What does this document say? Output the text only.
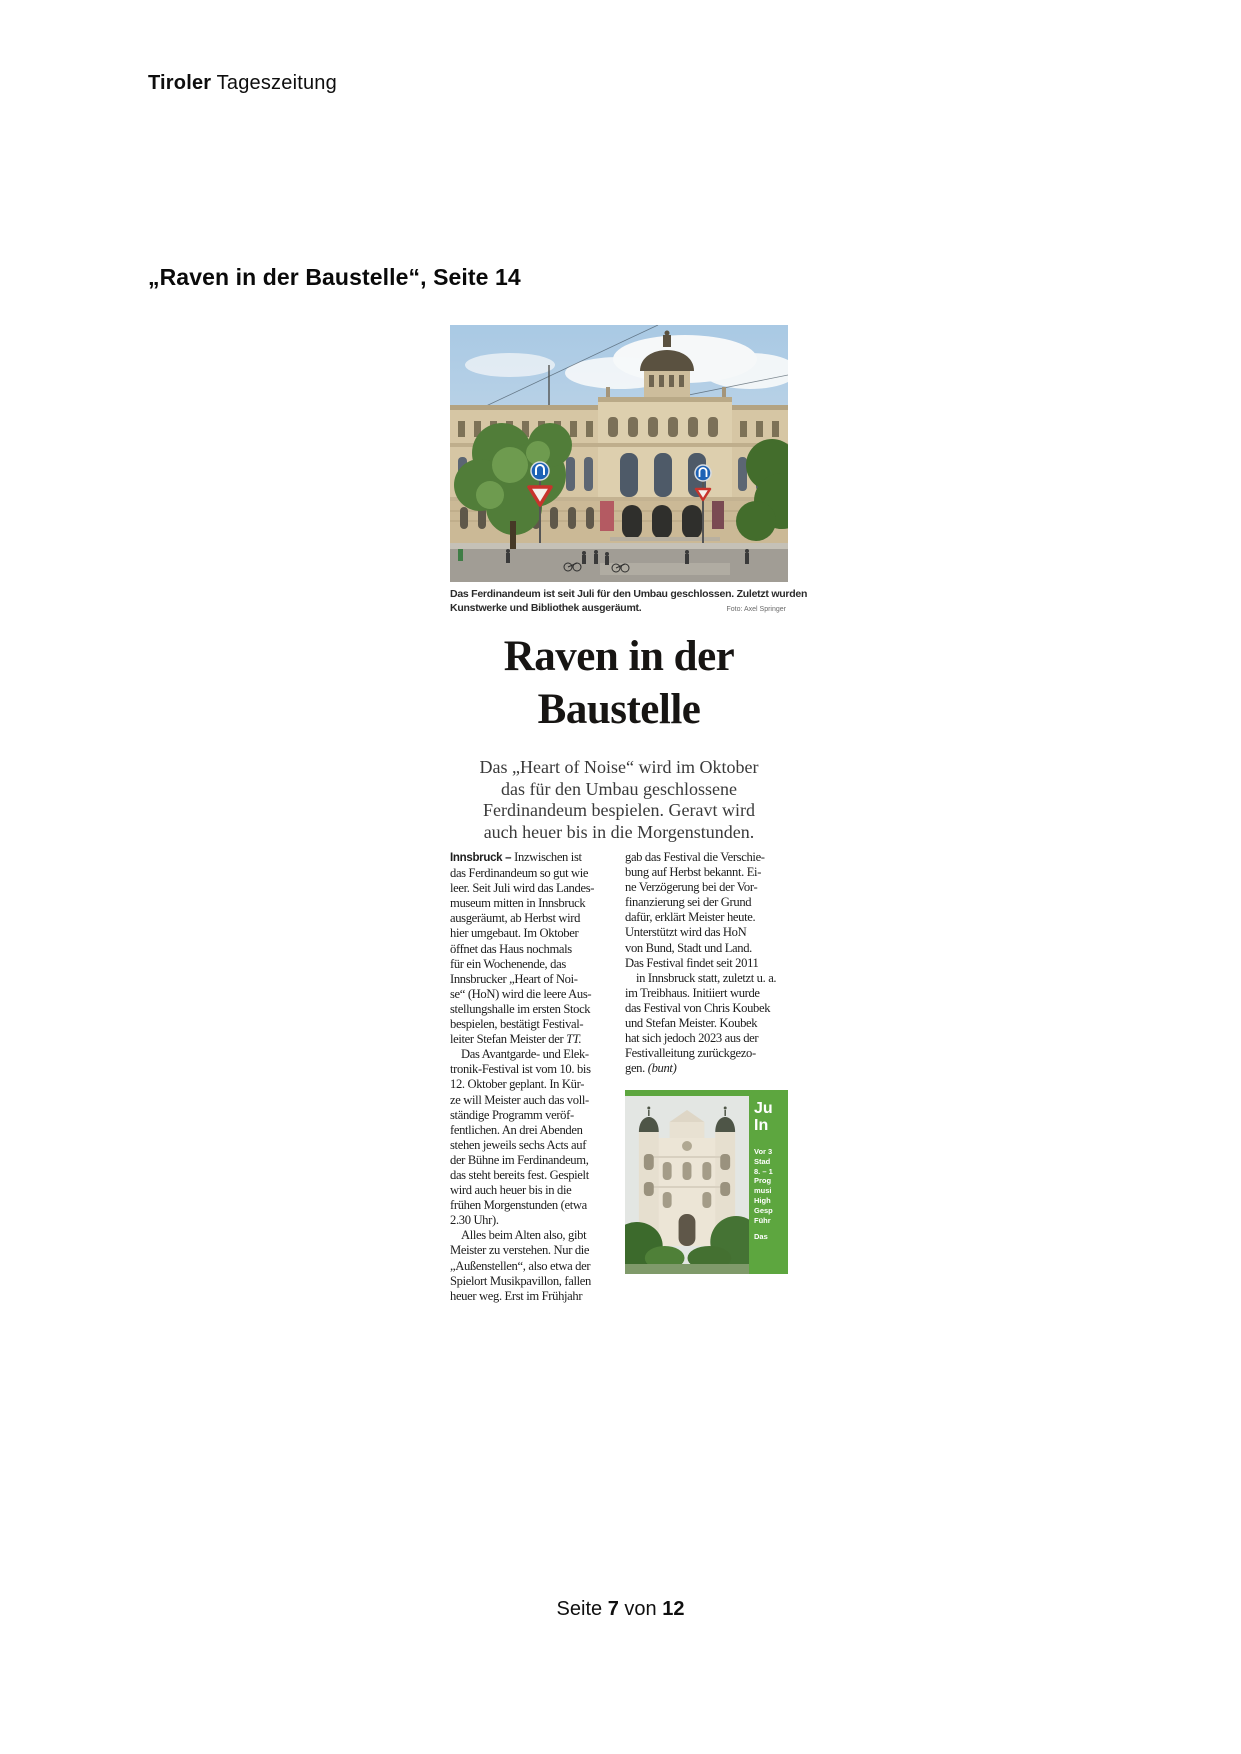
Tiroler Tageszeitung
„Raven in der Baustelle“, Seite 14
Das Ferdinandeum ist seit Juli für den Umbau geschlossen. Zuletzt wurden
Kunstwerke und Bibliothek ausgeräumt.	Foto: Axel Springer
Raven in der
Baustelle
Das „Heart of Noise“ wird im Oktober
das für den Umbau geschlossene
Ferdinandeum bespielen. Geravt wird
auch heuer bis in die Morgenstunden.
Innsbruck – Inzwischen ist
das Ferdinandeum so gut wie
leer. Seit Juli wird das Landes-
museum mitten in Innsbruck
ausgeräumt, ab Herbst wird
hier umgebaut. Im Oktober
öffnet das Haus nochmals
für ein Wochenende, das
Innsbrucker „Heart of Noi-
se“ (HoN) wird die leere Aus-
stellungshalle im ersten Stock
bespielen, bestätigt Festival-
leiter Stefan Meister der TT.
Das Avantgarde- und Elek-
tronik-Festival ist vom 10. bis
12. Oktober geplant. In Kür-
ze will Meister auch das voll-
ständige Programm veröf-
fentlichen. An drei Abenden
stehen jeweils sechs Acts auf
der Bühne im Ferdinandeum,
das steht bereits fest. Gespielt
wird auch heuer bis in die
frühen Morgenstunden (etwa
2.30 Uhr).
Alles beim Alten also, gibt
Meister zu verstehen. Nur die
„Außenstellen“, also etwa der
Spielort Musikpavillon, fallen
heuer weg. Erst im Frühjahr
gab das Festival die Verschie-
bung auf Herbst bekannt. Ei-
ne Verzögerung bei der Vor-
finanzierung sei der Grund
dafür, erklärt Meister heute.
Unterstützt wird das HoN
von Bund, Stadt und Land.
Das Festival findet seit 2011
in Innsbruck statt, zuletzt u. a.
im Treibhaus. Initiiert wurde
das Festival von Chris Koubek
und Stefan Meister. Koubek
hat sich jedoch 2023 aus der
Festivalleitung zurückgezo-
gen. (bunt)
Ju
In
Vor 3
Stad
8. – 1
Prog
musi
High
Gesp
Führ
Das
Seite 7 von 12
